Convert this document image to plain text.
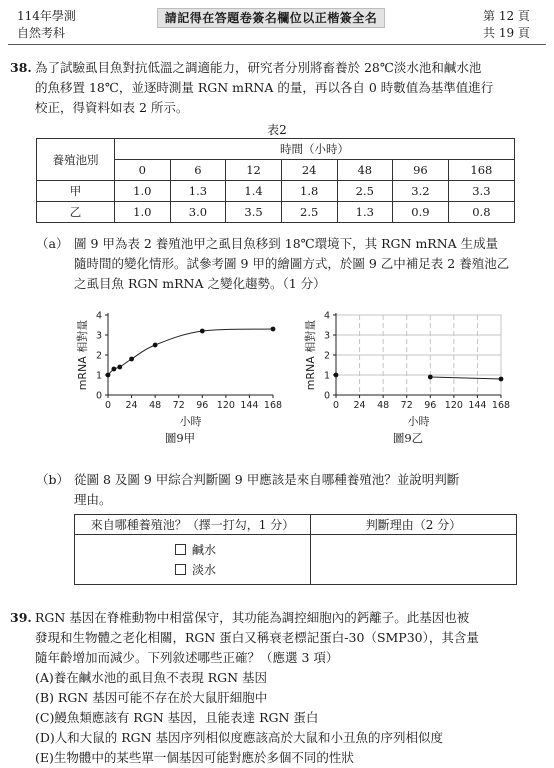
114年學測
自然考科
請記得在答題卷簽名欄位以正楷簽全名	第 12 頁
共 19 頁
38. 為了試驗虱目魚對抗低溫之調適能力，研究者分別將畜養於 28℃淡水池和鹹水池
的魚移置 18℃，並逐時測量 RGN mRNA 的量，再以各自 0 時數值為基準值進行
校正，得資料如表 2 所示。
表2
養殖池別	時間（小時）						
	0	6	12	24	48	96	168
甲	1.0	1.3	1.4	1.8	2.5	3.2	3.3
乙	1.0	3.0	3.5	2.5	1.3	0.9	0.8
（a） 圖 9 甲為表 2 養殖池甲之虱目魚移到 18℃環境下，其 RGN mRNA 生成量
隨時間的變化情形。試參考圖 9 甲的繪圖方式，於圖 9 乙中補足表 2 養殖池乙
之虱目魚 RGN mRNA 之變化趨勢。（1 分）
0 24 48 72 96 120 144 168
0
1
2
3
4
小時
mRNA 相對量
0 24 48 72 96 120 144 168
0
1
2
3
4
小時
mRNA 相對量
（b） 從圖 8 及圖 9 甲綜合判斷圖 9 甲應該是來自哪種養殖池？並說明判斷
理由。
來自哪種養殖池？（擇一打勾，1 分）	判斷理由（2 分）

鹹水
淡水	

39. RGN 基因在脊椎動物中相當保守，其功能為調控細胞內的鈣離子。此基因也被
發現和生物體之老化相關，RGN 蛋白又稱衰老標記蛋白-30（SMP30），其含量
隨年齡增加而減少。下列敘述哪些正確？（應選 3 項）
(A)養在鹹水池的虱目魚不表現 RGN 基因
(B) RGN 基因可能不存在於大鼠肝細胞中
(C)鰻魚類應該有 RGN 基因，且能表達 RGN 蛋白
(D)人和大鼠的 RGN 基因序列相似度應該高於大鼠和小丑魚的序列相似度
(E)生物體中的某些單一個基因可能對應於多個不同的性狀
圖9甲	圖9乙
